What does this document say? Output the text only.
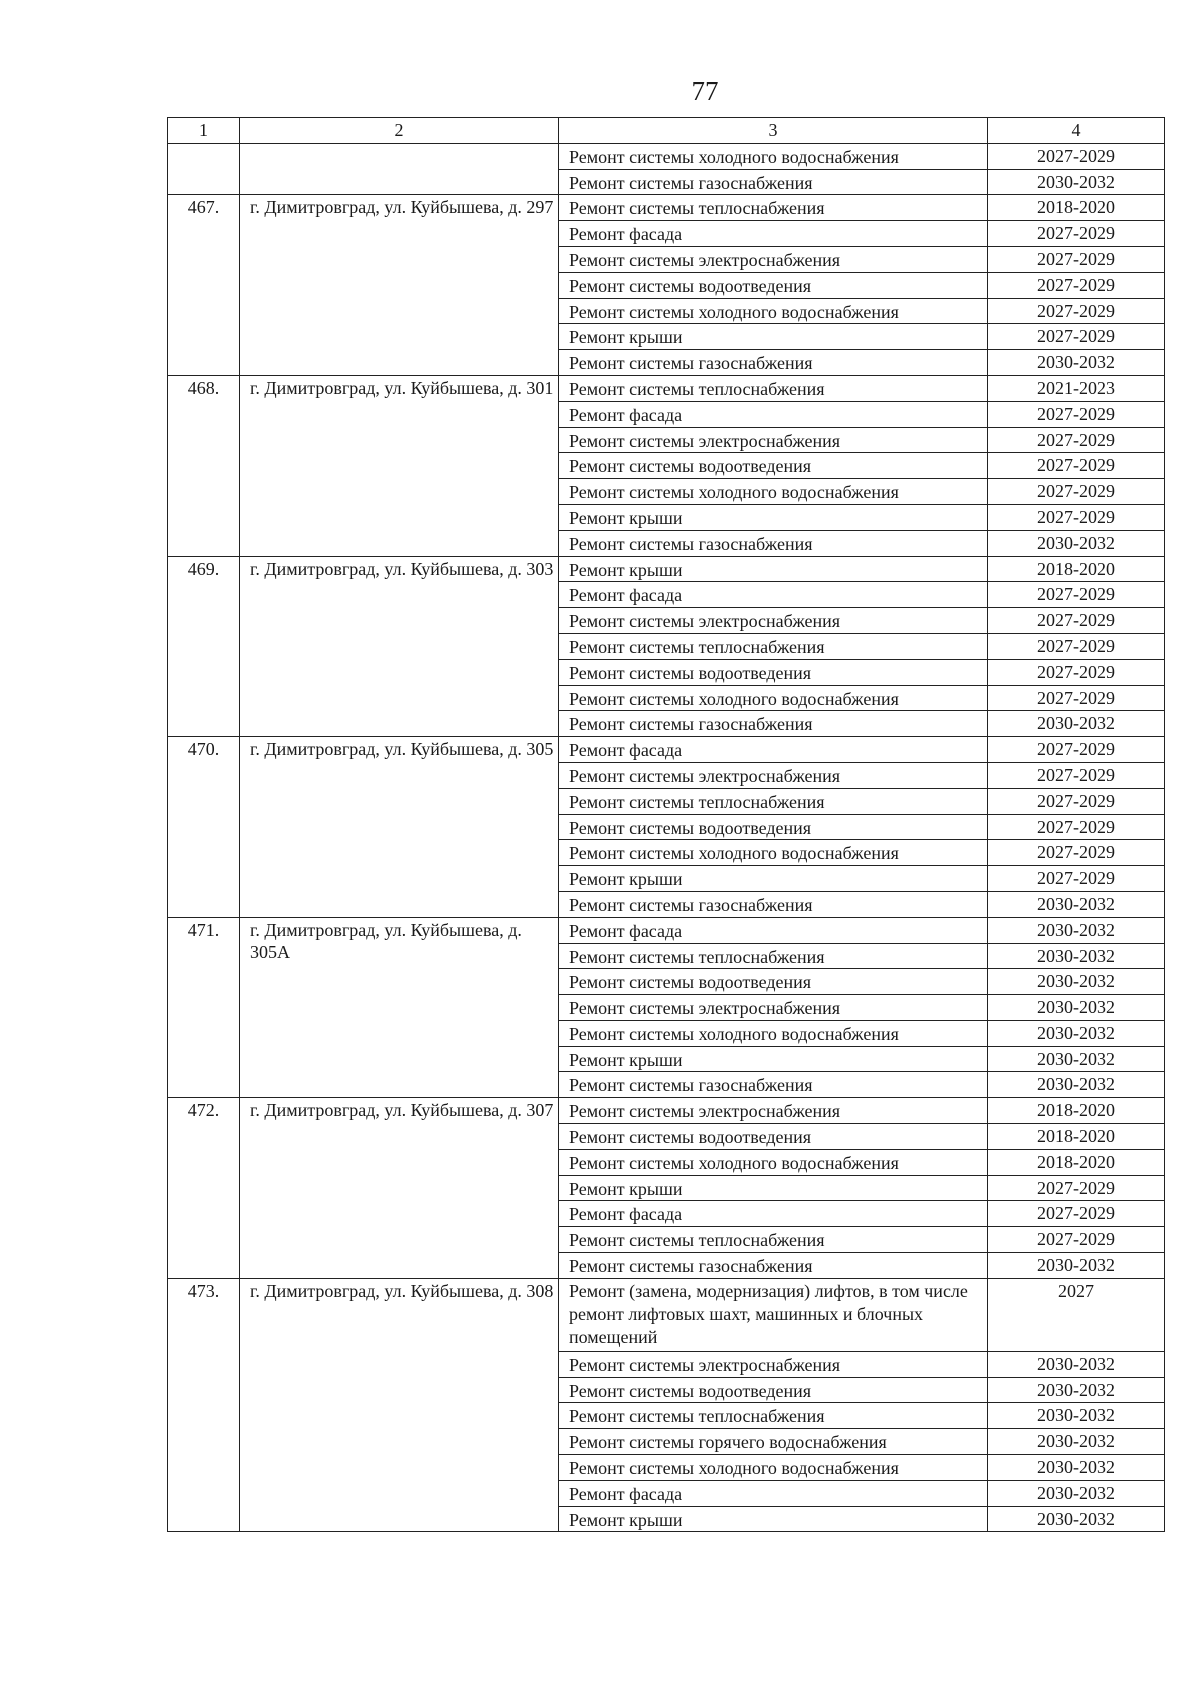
77
1	2	3	4
		Ремонт системы холодного водоснабжения	2027-2029
		Ремонт системы газоснабжения	2030-2032
467.	г. Димитровград, ул. Куйбышева, д. 297	Ремонт системы теплоснабжения	2018-2020
		Ремонт фасада	2027-2029
		Ремонт системы электроснабжения	2027-2029
		Ремонт системы водоотведения	2027-2029
		Ремонт системы холодного водоснабжения	2027-2029
		Ремонт крыши	2027-2029
		Ремонт системы газоснабжения	2030-2032
468.	г. Димитровград, ул. Куйбышева, д. 301	Ремонт системы теплоснабжения	2021-2023
		Ремонт фасада	2027-2029
		Ремонт системы электроснабжения	2027-2029
		Ремонт системы водоотведения	2027-2029
		Ремонт системы холодного водоснабжения	2027-2029
		Ремонт крыши	2027-2029
		Ремонт системы газоснабжения	2030-2032
469.	г. Димитровград, ул. Куйбышева, д. 303	Ремонт крыши	2018-2020
		Ремонт фасада	2027-2029
		Ремонт системы электроснабжения	2027-2029
		Ремонт системы теплоснабжения	2027-2029
		Ремонт системы водоотведения	2027-2029
		Ремонт системы холодного водоснабжения	2027-2029
		Ремонт системы газоснабжения	2030-2032
470.	г. Димитровград, ул. Куйбышева, д. 305	Ремонт фасада	2027-2029
		Ремонт системы электроснабжения	2027-2029
		Ремонт системы теплоснабжения	2027-2029
		Ремонт системы водоотведения	2027-2029
		Ремонт системы холодного водоснабжения	2027-2029
		Ремонт крыши	2027-2029
		Ремонт системы газоснабжения	2030-2032
471.	г. Димитровград, ул. Куйбышева, д. 305А	Ремонт фасада	2030-2032
		Ремонт системы теплоснабжения	2030-2032
		Ремонт системы водоотведения	2030-2032
		Ремонт системы электроснабжения	2030-2032
		Ремонт системы холодного водоснабжения	2030-2032
		Ремонт крыши	2030-2032
		Ремонт системы газоснабжения	2030-2032
472.	г. Димитровград, ул. Куйбышева, д. 307	Ремонт системы электроснабжения	2018-2020
		Ремонт системы водоотведения	2018-2020
		Ремонт системы холодного водоснабжения	2018-2020
		Ремонт крыши	2027-2029
		Ремонт фасада	2027-2029
		Ремонт системы теплоснабжения	2027-2029
		Ремонт системы газоснабжения	2030-2032
473.	г. Димитровград, ул. Куйбышева, д. 308	Ремонт (замена, модернизация) лифтов, в том числе ремонт лифтовых шахт, машинных и блочных помещений	2027
		Ремонт системы электроснабжения	2030-2032
		Ремонт системы водоотведения	2030-2032
		Ремонт системы теплоснабжения	2030-2032
		Ремонт системы горячего водоснабжения	2030-2032
		Ремонт системы холодного водоснабжения	2030-2032
		Ремонт фасада	2030-2032
		Ремонт крыши	2030-2032
